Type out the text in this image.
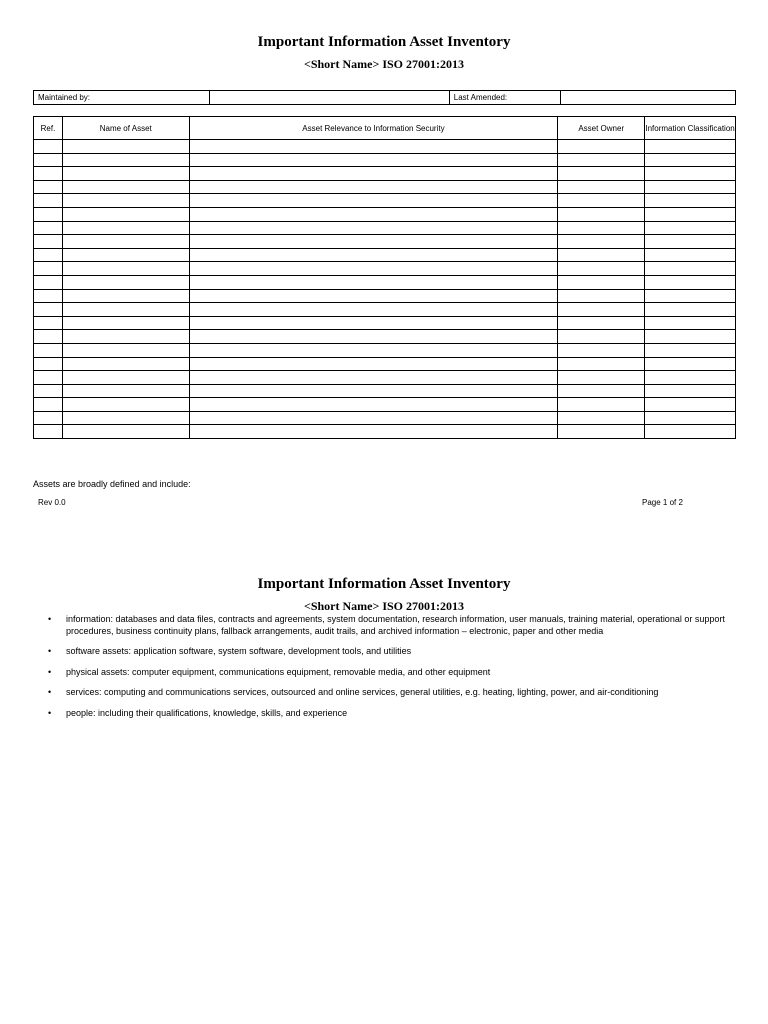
Important Information Asset Inventory
<Short Name> ISO 27001:2013
Maintained by:		Last Amended:	
Ref.	Name of Asset	Asset Relevance to Information Security	Asset Owner	Information Classification

Assets are broadly defined and include:
Rev 0.0	Page 1 of 2
Important Information Asset Inventory
<Short Name> ISO 27001:2013
• information: databases and data files, contracts and agreements, system documentation, research information, user manuals, training material, operational or support procedures, business continuity plans, fallback arrangements, audit trails, and archived information – electronic, paper and other media
• software assets: application software, system software, development tools, and utilities
• physical assets: computer equipment, communications equipment, removable media, and other equipment
• services: computing and communications services, outsourced and online services, general utilities, e.g. heating, lighting, power, and air-conditioning
• people: including their qualifications, knowledge, skills, and experience
